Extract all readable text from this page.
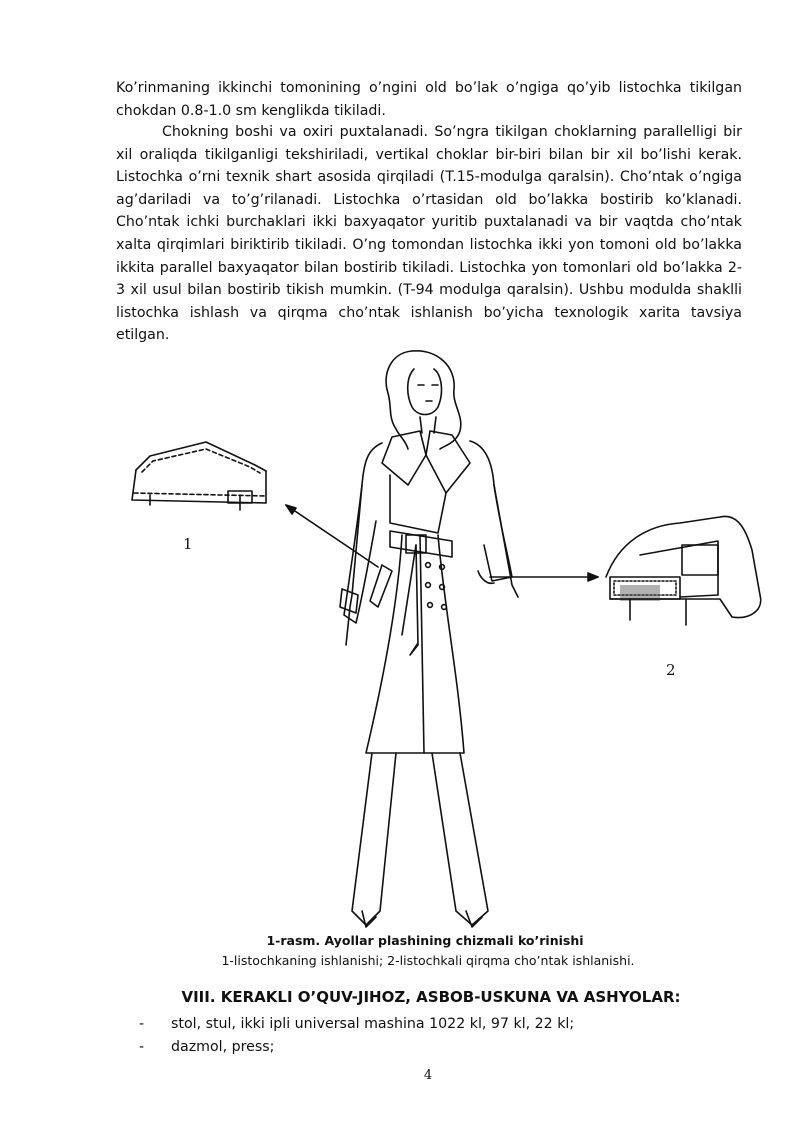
Ko’rinmaning ikkinchi tomonining o’ngini old bo’lak o’ngiga qo’yib listochka tikilgan chokdan 0.8-1.0 sm kenglikda tikiladi.

Chokning boshi va oxiri puxtalanadi. So’ngra tikilgan choklarning parallelligi bir xil oraliqda tikilganligi tekshiriladi, vertikal choklar bir-biri bilan bir xil bo’lishi kerak. Listochka o’rni texnik shart asosida qirqiladi (T.15-modulga qaralsin). Cho’ntak o’ngiga ag’dariladi va to’g’rilanadi. Listochka o’rtasidan old bo’lakka bostirib ko’klanadi. Cho’ntak ichki burchaklari ikki baxyaqator yuritib puxtalanadi va bir vaqtda cho’ntak xalta qirqimlari biriktirib tikiladi. O’ng tomondan listochka ikki yon tomoni old bo’lakka ikkita parallel baxyaqator bilan bostirib tikiladi. Listochka yon tomonlari old bo’lakka 2-3 xil usul bilan bostirib tikish mumkin. (T-94 modulga qaralsin). Ushbu modulda shaklli listochka ishlash va qirqma cho’ntak ishlanish bo’yicha texnologik xarita tavsiya etilgan.

1
2
1-rasm. Ayollar plashining chizmali ko’rinishi
1-listochkaning ishlanishi; 2-listochkali qirqma cho’ntak ishlanishi.
VIII. KERAKLI O’QUV-JIHOZ, ASBOB-USKUNA VA ASHYOLAR:
-	stol, stul, ikki ipli universal mashina 1022 kl, 97 kl, 22 kl;
-	dazmol, press;
4
